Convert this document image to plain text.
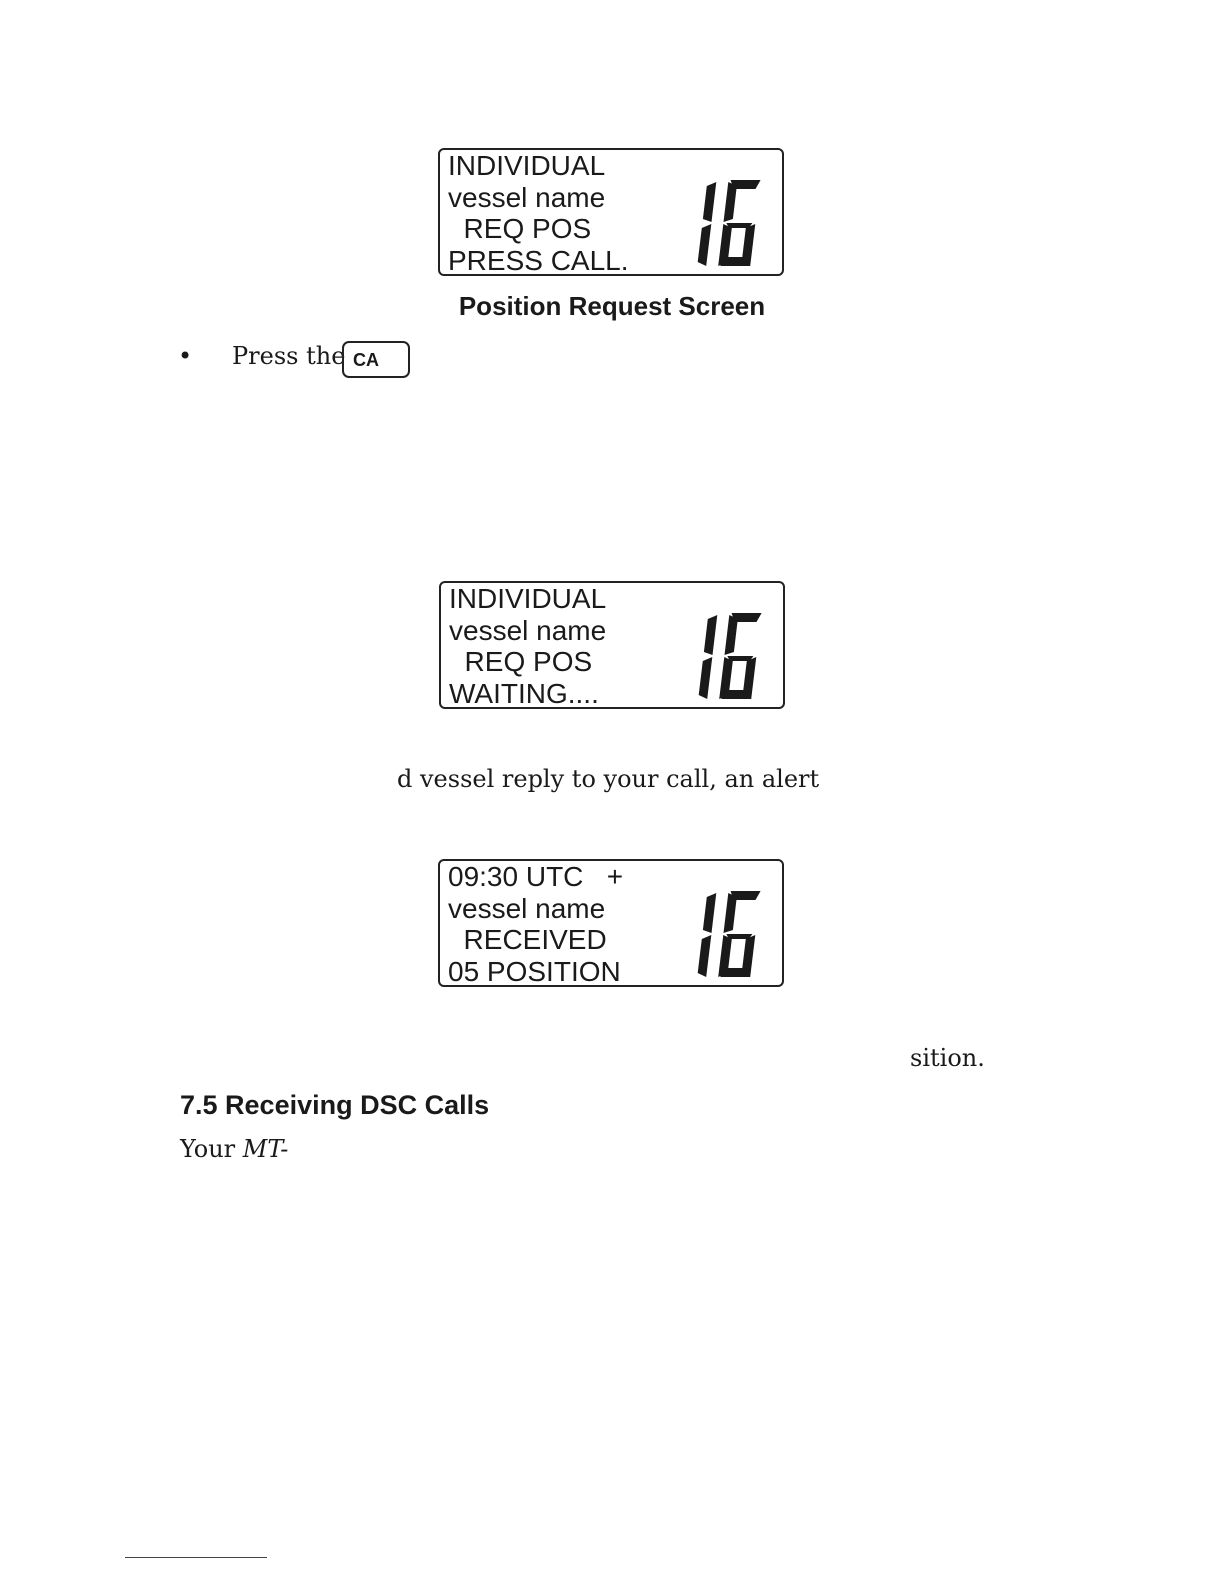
INDIVIDUAL
vessel name
REQ POS
PRESS CALL.
Position Request Screen
• Press the CA
INDIVIDUAL
vessel name
REQ POS
WAITING....
d vessel reply to your call, an alert
09:30 UTC   +
vessel name
RECEIVED
05 POSITION
sition.
7.5 Receiving DSC Calls
Your MT-
